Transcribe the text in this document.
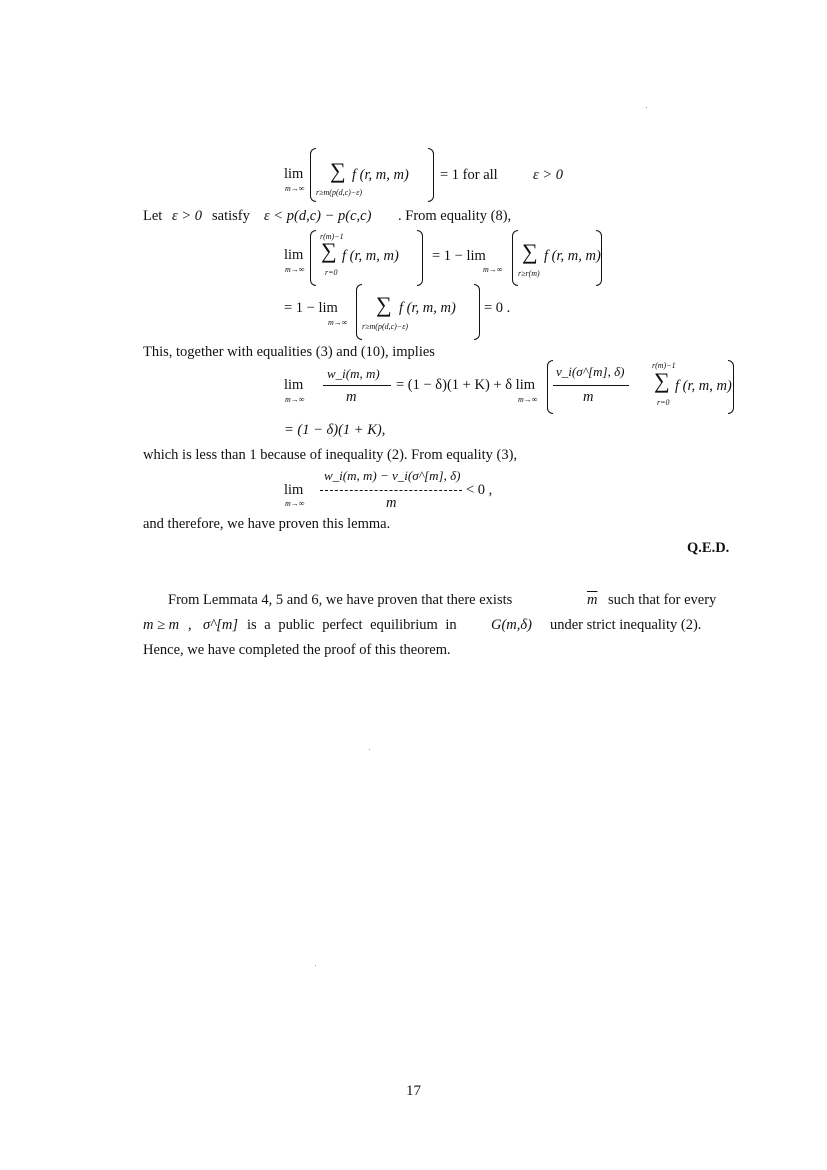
lim
m→∞
∑ f (r, m, m)
r≥m(p(d,c)−ε)
= 1 for all ε > 0
Let ε > 0 satisfy ε < p(d,c) − p(c,c) . From equality (8),
lim
m→∞
r(m)−1
∑
r=0
f (r, m, m) = 1 − lim
m→∞
∑
r≥r(m)
f (r, m, m)
= 1 − lim
m→∞
∑
r≥m(p(d,c)−ε)
f (r, m, m) = 0 .
This, together with equalities (3) and (10), implies
lim
m→∞
w_i(m, m)
m
= (1 − δ)(1 + K) + δ lim
m→∞
v_i(σ^[m], δ)
m
r(m)−1
∑
r=0
f (r, m, m)
= (1 − δ)(1 + K),
which is less than 1 because of inequality (2). From equality (3),
lim
m→∞
w_i(m, m) − v_i(σ^[m], δ)
m
< 0 ,
and therefore, we have proven this lemma.
Q.E.D.
From Lemmata 4, 5 and 6, we have proven that there exists	$\overline{m}$ such that for every
m ≥ m , σ^[m] is a public perfect equilibrium in G(m,δ) under strict inequality (2).
Hence, we have completed the proof of this theorem.
17
